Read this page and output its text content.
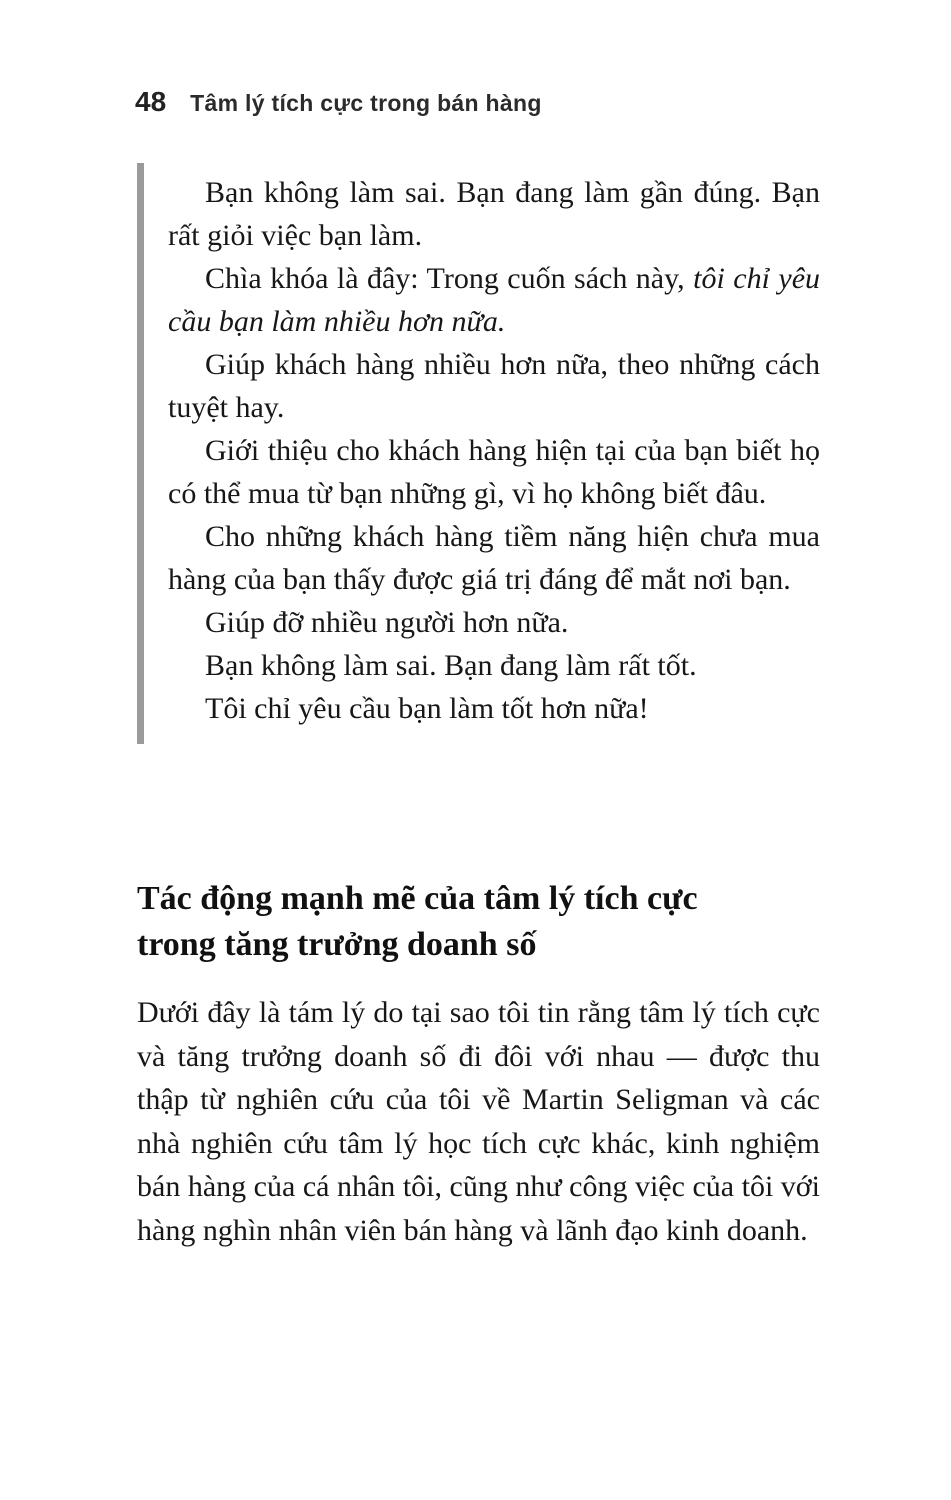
48 Tâm lý tích cực trong bán hàng

Bạn không làm sai. Bạn đang làm gần đúng. Bạn rất giỏi việc bạn làm.

Chìa khóa là đây: Trong cuốn sách này, tôi chỉ yêu cầu bạn làm nhiều hơn nữa.

Giúp khách hàng nhiều hơn nữa, theo những cách tuyệt hay.

Giới thiệu cho khách hàng hiện tại của bạn biết họ có thể mua từ bạn những gì, vì họ không biết đâu.

Cho những khách hàng tiềm năng hiện chưa mua hàng của bạn thấy được giá trị đáng để mắt nơi bạn.

Giúp đỡ nhiều người hơn nữa.

Bạn không làm sai. Bạn đang làm rất tốt.

Tôi chỉ yêu cầu bạn làm tốt hơn nữa!

Tác động mạnh mẽ của tâm lý tích cực
trong tăng trưởng doanh số

Dưới đây là tám lý do tại sao tôi tin rằng tâm lý tích cực và tăng trưởng doanh số đi đôi với nhau — được thu thập từ nghiên cứu của tôi về Martin Seligman và các nhà nghiên cứu tâm lý học tích cực khác, kinh nghiệm bán hàng của cá nhân tôi, cũng như công việc của tôi với hàng nghìn nhân viên bán hàng và lãnh đạo kinh doanh.
